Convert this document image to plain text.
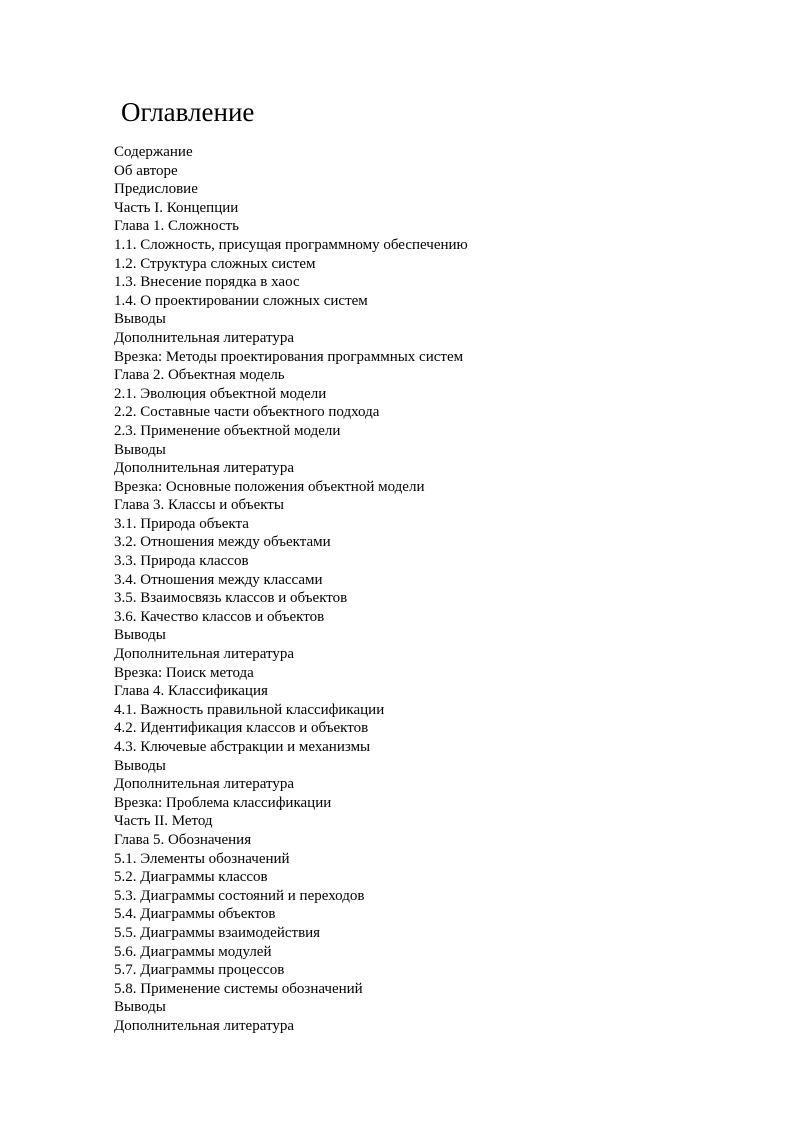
Оглавление
Содержание
Об авторе
Предисловие
Часть I. Концепции
Глава 1. Сложность
1.1. Сложность, присущая программному обеспечению
1.2. Структура сложных систем
1.3. Внесение порядка в хаос
1.4. О проектировании сложных систем
Выводы
Дополнительная литература
Врезка: Методы проектирования программных систем
Глава 2. Объектная модель
2.1. Эволюция объектной модели
2.2. Составные части объектного подхода
2.3. Применение объектной модели
Выводы
Дополнительная литература
Врезка: Основные положения объектной модели
Глава 3. Классы и объекты
3.1. Природа объекта
3.2. Отношения между объектами
3.3. Природа классов
3.4. Отношения между классами
3.5. Взаимосвязь классов и объектов
3.6. Качество классов и объектов
Выводы
Дополнительная литература
Врезка: Поиск метода
Глава 4. Классификация
4.1. Важность правильной классификации
4.2. Идентификация классов и объектов
4.3. Ключевые абстракции и механизмы
Выводы
Дополнительная литература
Врезка: Проблема классификации
Часть II. Метод
Глава 5. Обозначения
5.1. Элементы обозначений
5.2. Диаграммы классов
5.3. Диаграммы состояний и переходов
5.4. Диаграммы объектов
5.5. Диаграммы взаимодействия
5.6. Диаграммы модулей
5.7. Диаграммы процессов
5.8. Применение системы обозначений
Выводы
Дополнительная литература
